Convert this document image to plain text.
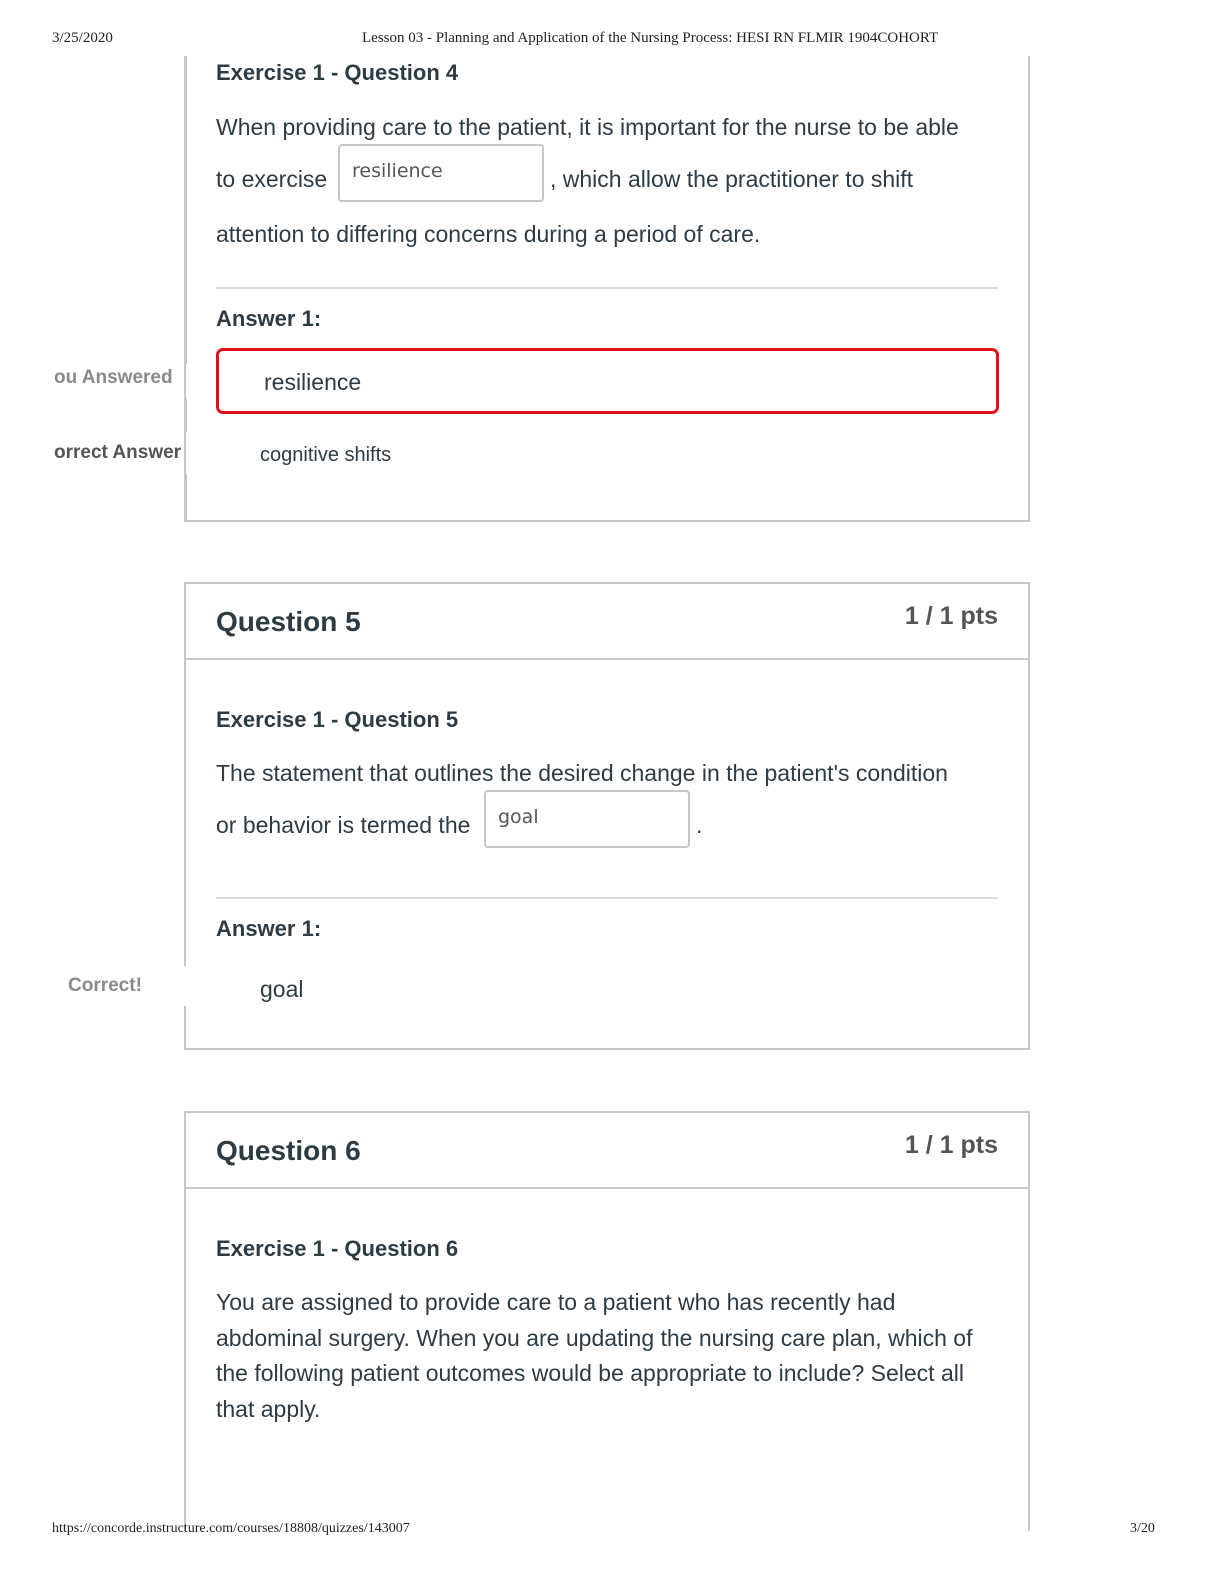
3/25/2020	Lesson 03 - Planning and Application of the Nursing Process: HESI RN FLMIR 1904COHORT
Exercise 1 - Question 4
When providing care to the patient, it is important for the nurse to be able
to exercise	resilience	, which allow the practitioner to shift
attention to differing concerns during a period of care.
Answer 1:
ou Answered	resilience
orrect Answer	cognitive shifts
Question 5	1 / 1 pts
Exercise 1 - Question 5
The statement that outlines the desired change in the patient's condition
or behavior is termed the	goal	.
Answer 1:
Correct!	goal
Question 6	1 / 1 pts
Exercise 1 - Question 6
You are assigned to provide care to a patient who has recently had
abdominal surgery. When you are updating the nursing care plan, which of
the following patient outcomes would be appropriate to include? Select all
that apply.
https://concorde.instructure.com/courses/18808/quizzes/143007	3/20
